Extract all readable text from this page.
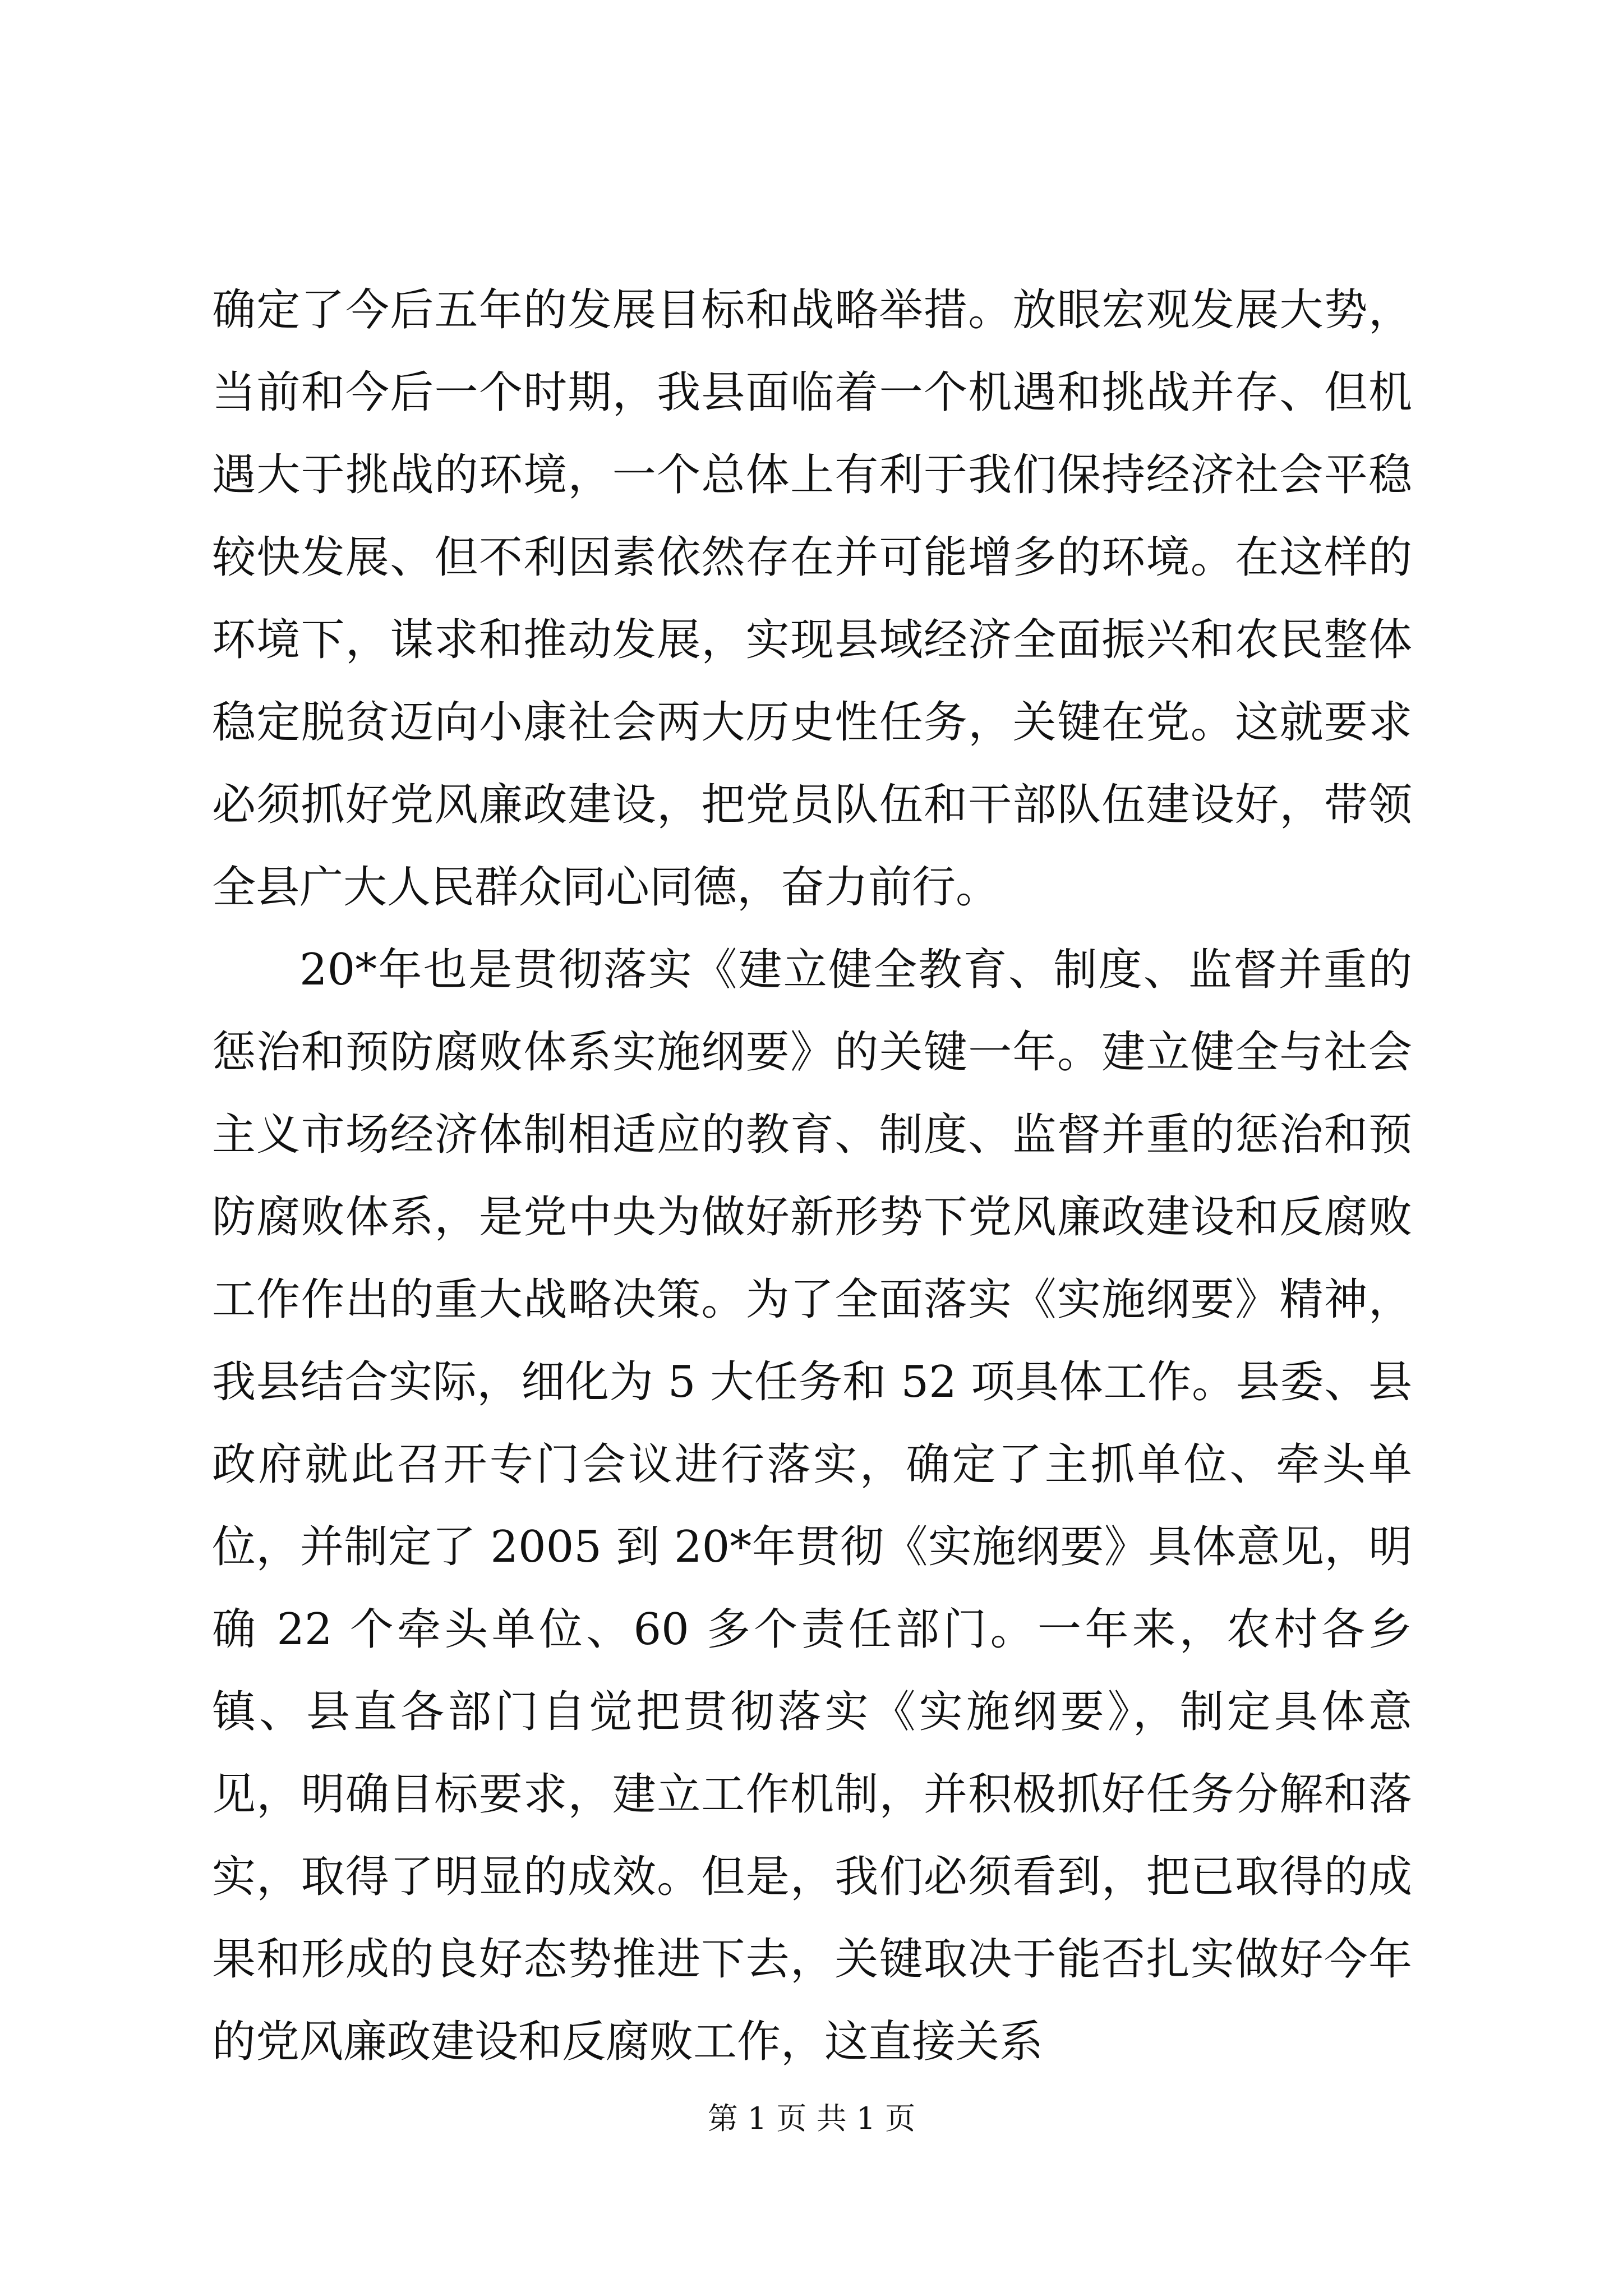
确定了今后五年的发展目标和战略举措。放眼宏观发展大势，当前和今后一个时期，我县面临着一个机遇和挑战并存、但机遇大于挑战的环境，一个总体上有利于我们保持经济社会平稳较快发展、但不利因素依然存在并可能增多的环境。在这样的环境下，谋求和推动发展，实现县域经济全面振兴和农民整体稳定脱贫迈向小康社会两大历史性任务，关键在党。这就要求必须抓好党风廉政建设，把党员队伍和干部队伍建设好，带领全县广大人民群众同心同德，奋力前行。

20*年也是贯彻落实《建立健全教育、制度、监督并重的惩治和预防腐败体系实施纲要》的关键一年。建立健全与社会主义市场经济体制相适应的教育、制度、监督并重的惩治和预防腐败体系，是党中央为做好新形势下党风廉政建设和反腐败工作作出的重大战略决策。为了全面落实《实施纲要》精神，我县结合实际，细化为 5 大任务和 52 项具体工作。县委、县政府就此召开专门会议进行落实，确定了主抓单位、牵头单位，并制定了 2005 到 20*年贯彻《实施纲要》具体意见，明确 22 个牵头单位、60 多个责任部门。一年来，农村各乡镇、县直各部门自觉把贯彻落实《实施纲要》，制定具体意见，明确目标要求，建立工作机制，并积极抓好任务分解和落实，取得了明显的成效。但是，我们必须看到，把已取得的成果和形成的良好态势推进下去，关键取决于能否扎实做好今年的党风廉政建设和反腐败工作，这直接关系

第 1 页 共 1 页
